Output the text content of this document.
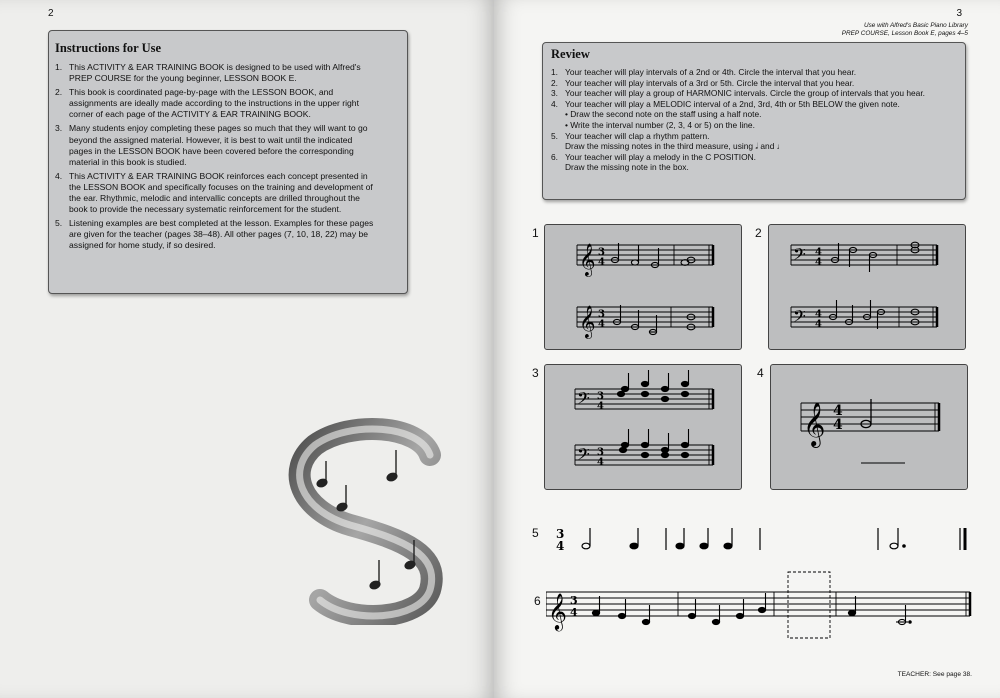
2
Instructions for Use
1. This ACTIVITY & EAR TRAINING BOOK is designed to be used with Alfred's
PREP COURSE for the young beginner, LESSON BOOK E.
2. This book is coordinated page-by-page with the LESSON BOOK, and
assignments are ideally made according to the instructions in the upper right
corner of each page of the ACTIVITY & EAR TRAINING BOOK.
3. Many students enjoy completing these pages so much that they will want to go
beyond the assigned material. However, it is best to wait until the indicated
pages in the LESSON BOOK have been covered before the corresponding
material in this book is studied.
4. This ACTIVITY & EAR TRAINING BOOK reinforces each concept presented in
the LESSON BOOK and specifically focuses on the training and development of
the ear. Rhythmic, melodic and intervallic concepts are drilled throughout the
book to provide the necessary systematic reinforcement for the student.
5. Listening examples are best completed at the lesson. Examples for these pages
are given for the teacher (pages 38–48). All other pages (7, 10, 18, 22) may be
assigned for home study, if so desired.
3
Use with Alfred's Basic Piano Library
PREP COURSE, Lesson Book E, pages 4–5
Review
1. Your teacher will play intervals of a 2nd or 4th. Circle the interval that you hear.
2. Your teacher will play intervals of a 3rd or 5th. Circle the interval that you hear.
3. Your teacher will play a group of HARMONIC intervals. Circle the group of intervals that you hear.
4. Your teacher will play a MELODIC interval of a 2nd, 3rd, 4th or 5th BELOW the given note.
• Draw the second note on the staff using a half note.
• Write the interval number (2, 3, 4 or 5) on the line.
5. Your teacher will clap a rhythm pattern.
Draw the missing notes in the third measure, using 𝅗𝅥 and ♩
6. Your teacher will play a melody in the C POSITION.
Draw the missing note in the box.
1	2
3	4
5
6
𝄞 3
4
𝄞 3
4
𝄢 4
4
𝄢 4
4
𝄢 3
4
𝄢 3
4
𝄞 4
4
3
4
𝄞 3
4
TEACHER: See page 38.
